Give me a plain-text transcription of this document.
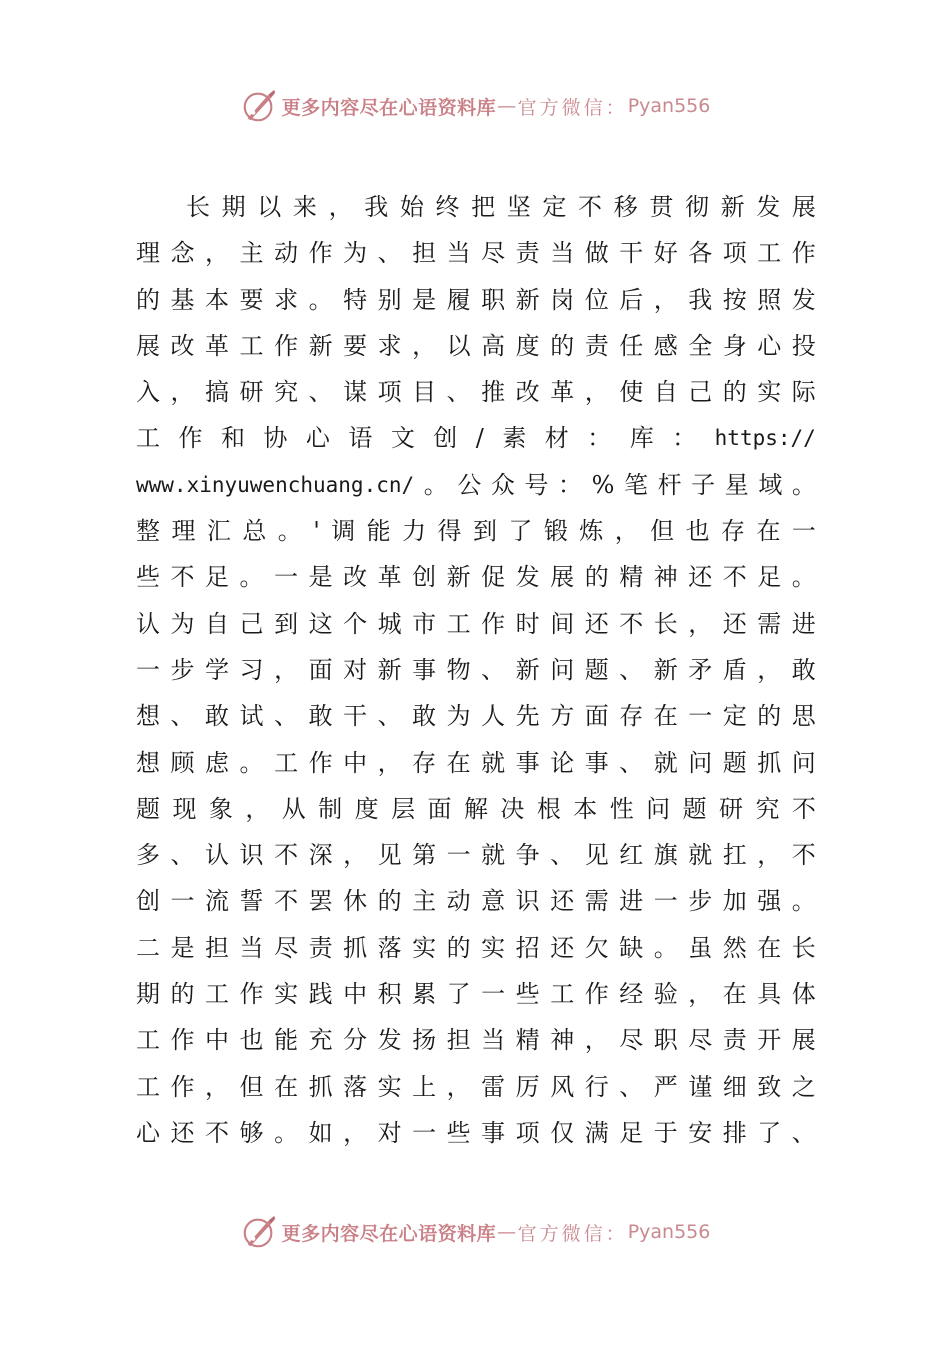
更多内容尽在心语资料库 — 官方微信： Pyan556
长 期 以 来 ， 我 始 终 把 坚 定 不 移 贯 彻 新 发 展
理 念 ， 主 动 作 为 、 担 当 尽 责 当 做 干 好 各 项 工 作
的 基 本 要 求 。 特 别 是 履 职 新 岗 位 后 ， 我 按 照 发
展 改 革 工 作 新 要 求 ， 以 高 度 的 责 任 感 全 身 心 投
入 ， 搞 研 究 、 谋 项 目 、 推 改 革 ， 使 自 己 的 实 际
工 作 和 协 心 语 文 创 / 素 材 ： 库 ： https://
www.xinyuwenchuang.cn/ 。 公 众 号 ： % 笔 杆 子 星 域 。
整 理 汇 总 。 ' 调 能 力 得 到 了 锻 炼 ， 但 也 存 在 一
些 不 足 。 一 是 改 革 创 新 促 发 展 的 精 神 还 不 足 。
认 为 自 己 到 这 个 城 市 工 作 时 间 还 不 长 ， 还 需 进
一 步 学 习 ， 面 对 新 事 物 、 新 问 题 、 新 矛 盾 ， 敢
想 、 敢 试 、 敢 干 、 敢 为 人 先 方 面 存 在 一 定 的 思
想 顾 虑 。 工 作 中 ， 存 在 就 事 论 事 、 就 问 题 抓 问
题 现 象 ， 从 制 度 层 面 解 决 根 本 性 问 题 研 究 不
多 、 认 识 不 深 ， 见 第 一 就 争 、 见 红 旗 就 扛 ， 不
创 一 流 誓 不 罢 休 的 主 动 意 识 还 需 进 一 步 加 强 。
二 是 担 当 尽 责 抓 落 实 的 实 招 还 欠 缺 。 虽 然 在 长
期 的 工 作 实 践 中 积 累 了 一 些 工 作 经 验 ， 在 具 体
工 作 中 也 能 充 分 发 扬 担 当 精 神 ， 尽 职 尽 责 开 展
工 作 ， 但 在 抓 落 实 上 ， 雷 厉 风 行 、 严 谨 细 致 之
心 还 不 够 。 如 ， 对 一 些 事 项 仅 满 足 于 安 排 了 、
更多内容尽在心语资料库 — 官方微信： Pyan556
